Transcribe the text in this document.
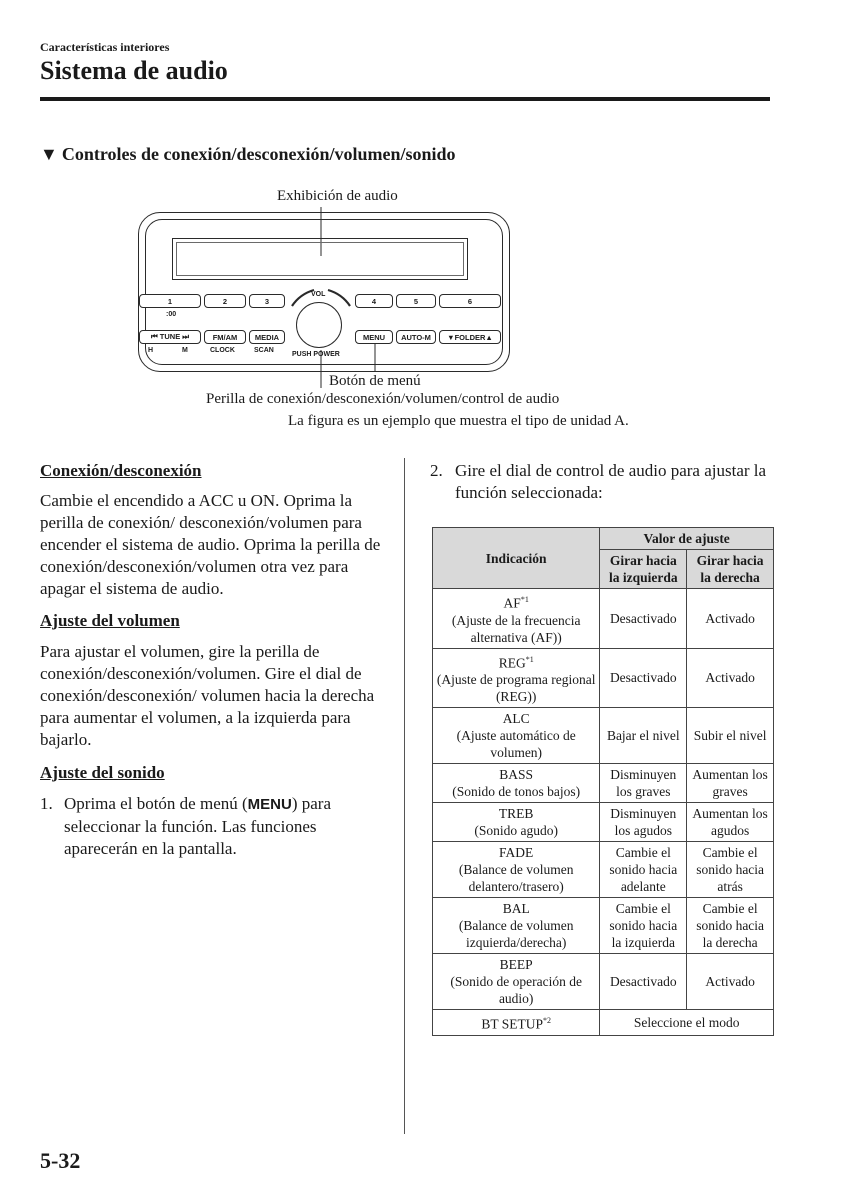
Características interiores
Sistema de audio
▼ Controles de conexión/desconexión/volumen/sonido
Exhibición de audio
1	2	3	4	5	6
:00
⏮ TUNE ⏭	FM/AM	MEDIA	MENU	AUTO-M	▼FOLDER▲
H	M	CLOCK	SCAN
VOL
PUSH POWER
Botón de menú
Perilla de conexión/desconexión/volumen/control de audio
La figura es un ejemplo que muestra el tipo de unidad A.
Conexión/desconexión
Cambie el encendido a ACC u ON. Oprima la perilla de conexión/ desconexión/volumen para encender el sistema de audio. Oprima la perilla de conexión/desconexión/volumen otra vez para apagar el sistema de audio.
Ajuste del volumen
Para ajustar el volumen, gire la perilla de conexión/desconexión/volumen. Gire el dial de conexión/desconexión/ volumen hacia la derecha para aumentar el volumen, a la izquierda para bajarlo.
Ajuste del sonido
1. Oprima el botón de menú (MENU) para seleccionar la función. Las funciones aparecerán en la pantalla.
2. Gire el dial de control de audio para ajustar la función seleccionada:
Indicación	Valor de ajuste	
	Girar hacia la izquierda	Girar hacia la derecha
AF$^{*1}$
(Ajuste de la frecuencia alternativa (AF))	Desactivado	Activado
REG$^{*1}$
(Ajuste de programa regional (REG))	Desactivado	Activado
ALC
(Ajuste automático de volumen)	Bajar el nivel	Subir el nivel
BASS
(Sonido de tonos bajos)	Disminuyen los graves	Aumentan los graves
TREB
(Sonido agudo)	Disminuyen los agudos	Aumentan los agudos
FADE
(Balance de volumen delantero/trasero)	Cambie el sonido hacia adelante	Cambie el sonido hacia atrás
BAL
(Balance de volumen izquierda/derecha)	Cambie el sonido hacia la izquierda	Cambie el sonido hacia la derecha
BEEP
(Sonido de operación de audio)	Desactivado	Activado
BT SETUP$^{*2}$	Seleccione el modo	
5-32
